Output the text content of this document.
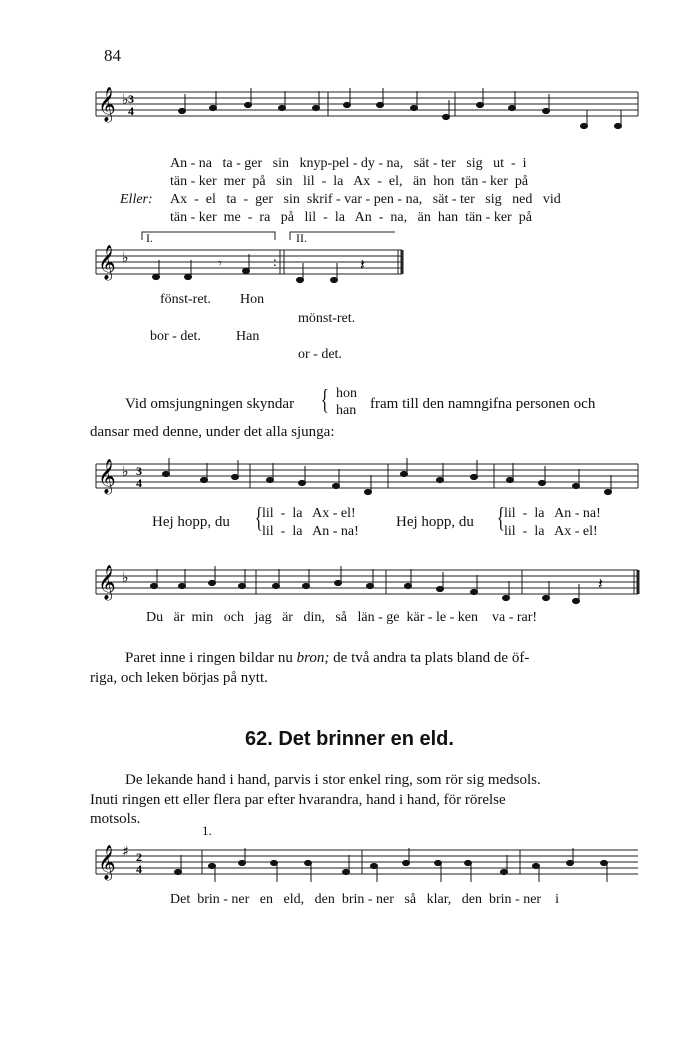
84
𝄞 ♭ 3
4
An - na   ta - ger   sin   knyp-pel - dy - na,   sät - ter   sig   ut  -  i
tän - ker  mer  på   sin   lil  -  la   Ax  -  el,   än  hon  tän - ker  på
Eller: Ax  -  el   ta  -  ger   sin  skrif - var - pen - na,   sät - ter   sig   ned   vid
tän - ker  me  -  ra   på   lil  -  la   An  -  na,   än  han  tän - ker  på
I.	II.
𝄞 ♭	:
𝄾	𝄽
fönst-ret. Hon
mönst-ret.
bor - det.	Han
or - det.
Vid omsjungningen skyndar { hon
han fram till den namngifna personen och
dansar med denne, under det alla sjunga:
𝄞 ♭ 3
4
Hej hopp, du { lil  -  la   Ax - el!
lil  -  la   An - na!
Hej hopp, du { lil  -  la   An - na!
lil  -  la   Ax - el!
𝄞 ♭	𝄽
Du   är  min   och   jag   är   din,   så   län - ge  kär - le - ken    va - rar!
Paret inne i ringen bildar nu bron; de två andra ta plats bland de öf-
riga, och leken börjas på nytt.
62. Det brinner en eld.
De lekande hand i hand, parvis i stor enkel ring, som rör sig medsols.
Inuti ringen ett eller flera par efter hvarandra, hand i hand, för rörelse
motsols.
1.
𝄞 ♯ 2
4
Det  brin - ner   en   eld,   den  brin - ner   så   klar,   den  brin - ner    i
